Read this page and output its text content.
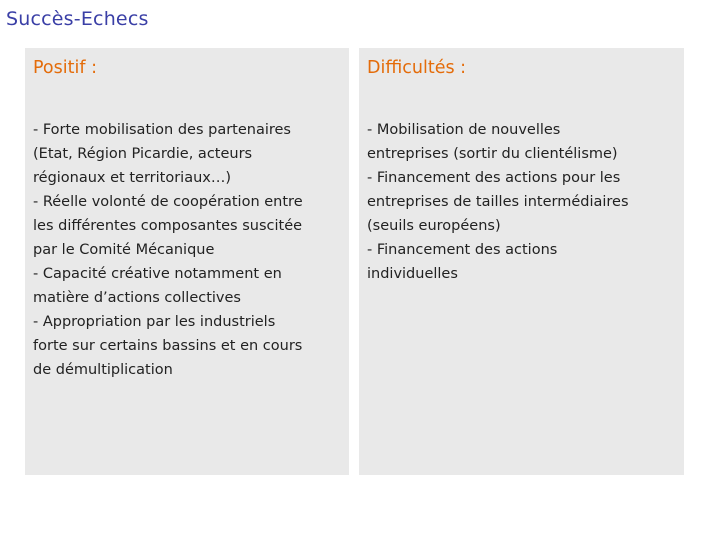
Succès-Echecs
Positif :
- Forte mobilisation des partenaires
(Etat, Région Picardie, acteurs
régionaux et territoriaux…)
- Réelle volonté de coopération entre
les différentes composantes suscitée
par le Comité Mécanique
- Capacité créative notamment en
matière d’actions collectives
- Appropriation par les industriels
forte sur certains bassins et en cours
de démultiplication
Difficultés :
- Mobilisation de nouvelles
entreprises (sortir du clientélisme)
- Financement des actions pour les
entreprises de tailles intermédiaires
(seuils européens)
- Financement des actions
individuelles
